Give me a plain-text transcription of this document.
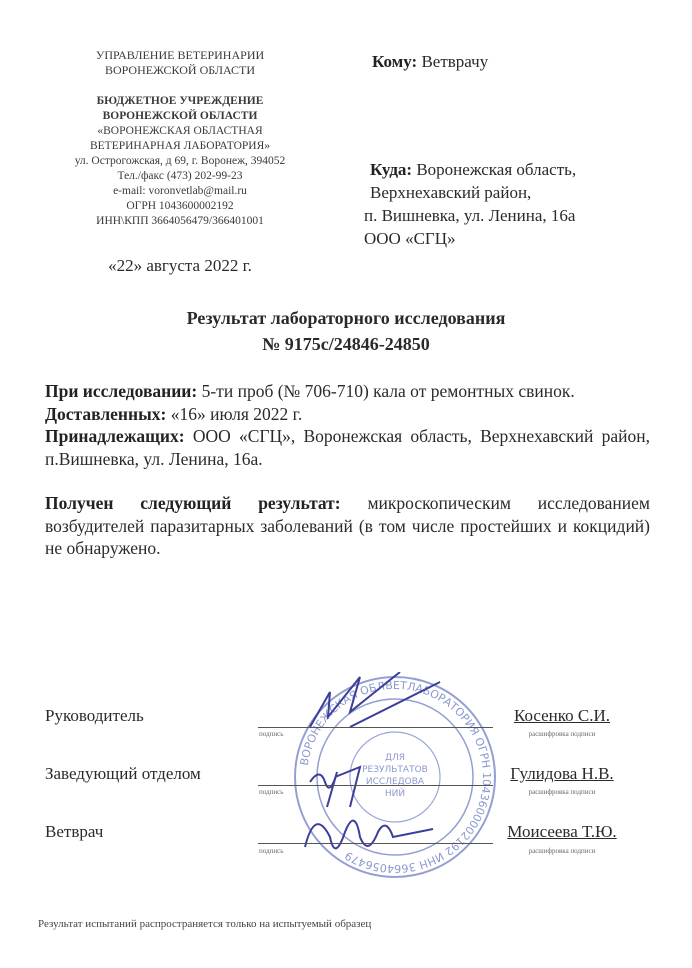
УПРАВЛЕНИЕ ВЕТЕРИНАРИИ
ВОРОНЕЖСКОЙ ОБЛАСТИ
БЮДЖЕТНОЕ УЧРЕЖДЕНИЕ
ВОРОНЕЖСКОЙ ОБЛАСТИ
«ВОРОНЕЖСКАЯ ОБЛАСТНАЯ
ВЕТЕРИНАРНАЯ ЛАБОРАТОРИЯ»
ул. Острогожская, д 69, г. Воронеж, 394052
Тел./факс (473) 202-99-23
e-mail: voronvetlab@mail.ru
ОГРН 1043600002192
ИНН\КПП 3664056479/366401001
«22» августа 2022 г.
Кому: Ветврачу
Куда: Воронежская область,
Верхнехавский район,
п. Вишневка, ул. Ленина, 16а
ООО «СГЦ»
Результат лабораторного исследования
№ 9175с/24846-24850

При исследовании: 5-ти проб (№ 706-710) кала от ремонтных свинок.

Доставленных: «16» июля 2022 г.

Принадлежащих: ООО «СГЦ», Воронежская область, Верхнехавский район, п.Вишневка, ул. Ленина, 16а.

Получен следующий результат: микроскопическим исследованием возбудителей паразитарных заболеваний (в том числе простейших и кокцидий) не обнаружено.

ВОРОНЕЖСКАЯ ОБЛВЕТЛАБОРАТОРИЯ ОГРН 1043600002192 ИНН 3664056479
ДЛЯ
РЕЗУЛЬТАТОВ
ИССЛЕДОВА
НИЙ
Руководитель
подпись
Косенко С.И.
расшифровка подписи
Заведующий отделом
подпись
Гулидова Н.В.
расшифровка подписи
Ветврач
подпись
Моисеева Т.Ю.
расшифровка подписи
Результат испытаний распространяется только на испытуемый образец
